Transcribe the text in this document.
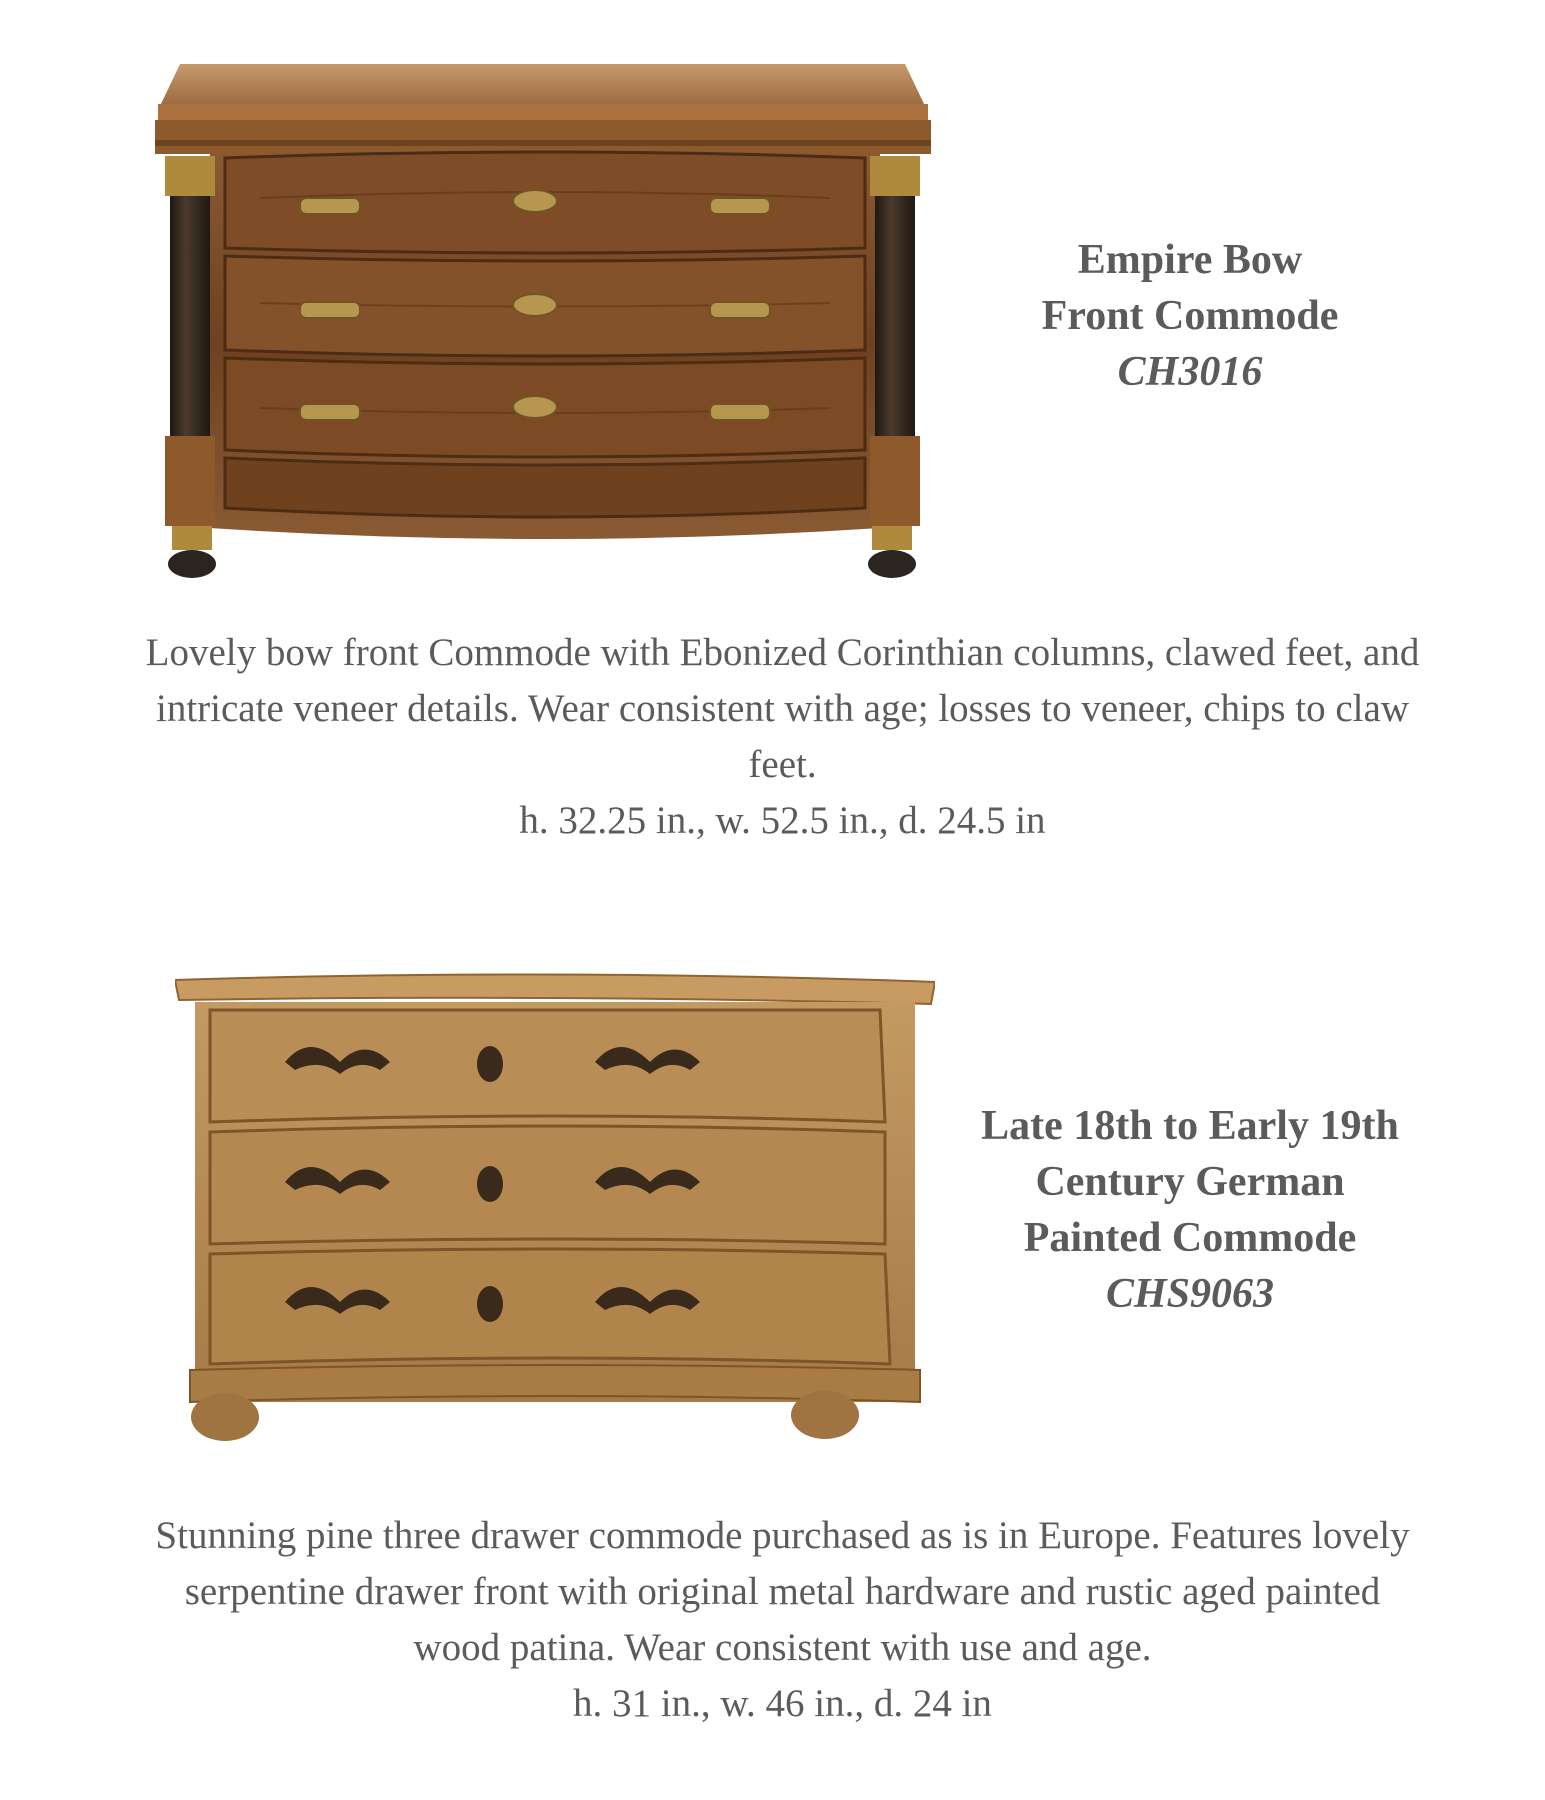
Empire Bow
Front Commode
CH3016
Lovely bow front Commode with Ebonized Corinthian columns, clawed feet, and intricate veneer details. Wear consistent with age; losses to veneer, chips to claw feet.
h. 32.25 in., w. 52.5 in., d. 24.5 in
Late 18th to Early 19th
Century German
Painted Commode
CHS9063
Stunning pine three drawer commode purchased as is in Europe. Features lovely serpentine drawer front with original metal hardware and rustic aged painted wood patina. Wear consistent with use and age.
h. 31 in., w. 46 in., d. 24 in
